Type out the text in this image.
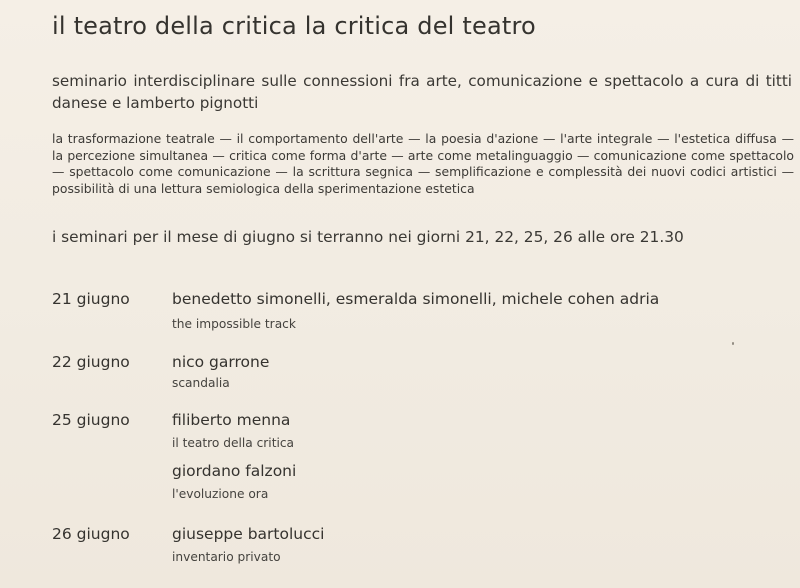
il teatro della critica la critica del teatro
seminario interdisciplinare sulle connessioni fra arte, comunicazione e spettacolo a cura di titti danese e lamberto pignotti
la trasformazione teatrale — il comportamento dell'arte — la poesia d'azione — l'arte integrale — l'estetica diffusa — la percezione simultanea — critica come forma d'arte — arte come metalinguaggio — comunicazione come spettacolo — spettacolo come comunicazione — la scrittura segnica — semplificazione e complessità dei nuovi codici artistici — possibilità di una lettura semiologica della sperimentazione estetica
i seminari per il mese di giugno si terranno nei giorni 21, 22, 25, 26 alle ore 21.30
21 giugno	benedetto simonelli, esmeralda simonelli, michele cohen adria
the impossible track
22 giugno	nico garrone
scandalia
25 giugno	filiberto menna
il teatro della critica
giordano falzoni
l'evoluzione ora
26 giugno	giuseppe bartolucci
inventario privato
